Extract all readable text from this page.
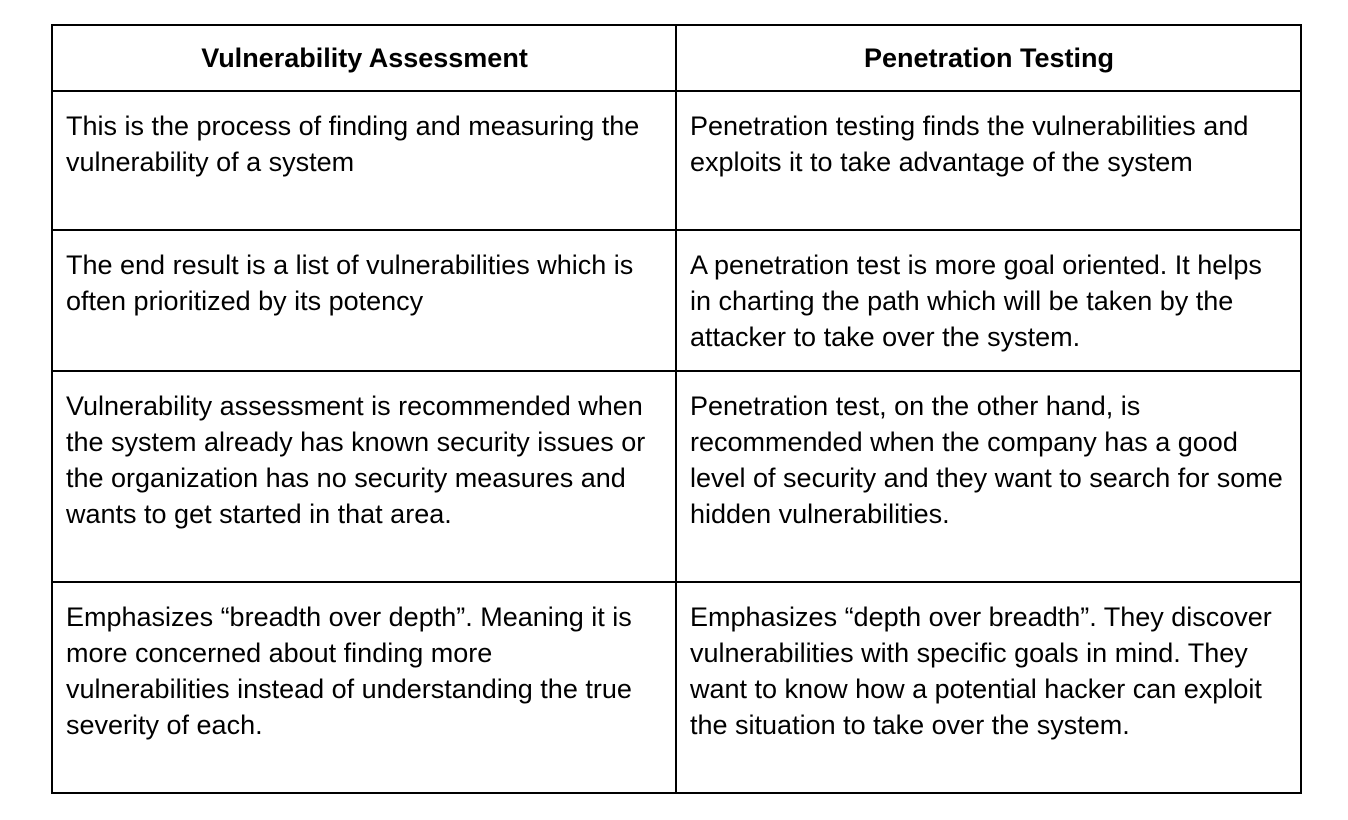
Vulnerability Assessment	Penetration Testing

This is the process of finding and measuring the vulnerability of a system	Penetration testing finds the vulnerabilities and exploits it to take advantage of the system

The end result is a list of vulnerabilities which is often prioritized by its potency	A penetration test is more goal oriented. It helps in charting the path which will be taken by the attacker to take over the system.

Vulnerability assessment is recommended when the system already has known security issues or the organization has no security measures and wants to get started in that area.	Penetration test, on the other hand, is recommended when the company has a good level of security and they want to search for some hidden vulnerabilities.

Emphasizes “breadth over depth”. Meaning it is more concerned about finding more vulnerabilities instead of understanding the true severity of each.	Emphasizes “depth over breadth”. They discover vulnerabilities with specific goals in mind. They want to know how a potential hacker can exploit the situation to take over the system.
